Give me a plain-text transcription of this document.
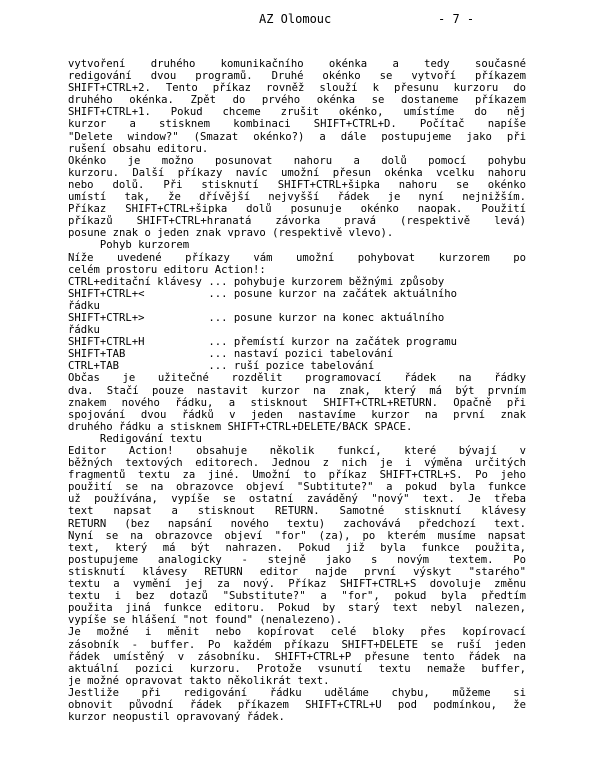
AZ Olomouc	- 7 -
vytvoření druhého komunikačního okénka a tedy současné
redigování dvou programů. Druhé okénko se vytvoří příkazem
SHIFT+CTRL+2. Tento příkaz rovněž slouží k přesunu kurzoru do
druhého okénka. Zpět do prvého okénka se dostaneme příkazem
SHIFT+CTRL+1. Pokud chceme zrušit okénko, umístíme do něj
kurzor a stisknem kombinaci SHIFT+CTRL+D. Počítač napíše
"Delete window?" (Smazat okénko?) a dále postupujeme jako při
rušení obsahu editoru.
Okénko je možno posunovat nahoru a dolů pomocí pohybu
kurzoru. Další příkazy navíc umožní přesun okénka vcelku nahoru
nebo dolů. Při stisknutí SHIFT+CTRL+šipka nahoru se okénko
umístí tak, že dřívější nejvyšší řádek je nyní nejnižším.
Příkaz SHIFT+CTRL+šipka dolů posunuje okénko naopak. Použití
příkazů SHIFT+CTRL+hranatá závorka pravá (respektivě levá)
posune znak o jeden znak vpravo (respektivě vlevo).
Pohyb kurzorem
Níže uvedené příkazy vám umožní pohybovat kurzorem po
celém prostoru editoru Action!:
CTRL+editační klávesy ... pohybuje kurzorem běžnými způsoby
SHIFT+CTRL+<          ... posune kurzor na začátek aktuálního
řádku
SHIFT+CTRL+>          ... posune kurzor na konec aktuálního
řádku
SHIFT+CTRL+H          ... přemístí kurzor na začátek programu
SHIFT+TAB             ... nastaví pozici tabelování
CTRL+TAB              ... ruší pozice tabelování
Občas je užitečné rozdělit programovací řádek na řádky
dva. Stačí pouze nastavit kurzor na znak, který má být prvním
znakem nového řádku, a stisknout SHIFT+CTRL+RETURN. Opačně při
spojování dvou řádků v jeden nastavíme kurzor na první znak
druhého řádku a stisknem SHIFT+CTRL+DELETE/BACK SPACE.
Redigování textu
Editor Action! obsahuje několik funkcí, které bývají v
běžných textových editorech. Jednou z nich je i výměna určitých
fragmentů textu za jiné. Umožní to příkaz SHIFT+CTRL+S. Po jeho
použití se na obrazovce objeví "Subtitute?" a pokud byla funkce
už používána, vypíše se ostatní zaváděný "nový" text. Je třeba
text napsat a stisknout RETURN. Samotné stisknutí klávesy
RETURN (bez napsání nového textu) zachovává předchozí text.
Nyní se na obrazovce objeví "for" (za), po kterém musíme napsat
text, který má být nahrazen. Pokud již byla funkce použita,
postupujeme analogicky - stejně jako s novým textem. Po
stisknutí klávesy RETURN editor najde první výskyt "starého"
textu a vymění jej za nový. Příkaz SHIFT+CTRL+S dovoluje změnu
textu i bez dotazů "Substitute?" a "for", pokud byla předtím
použita jiná funkce editoru. Pokud by starý text nebyl nalezen,
vypíše se hlášení "not found" (nenalezeno).
Je možné i měnit nebo kopírovat celé bloky přes kopírovací
zásobník - buffer. Po každém příkazu SHIFT+DELETE se ruší jeden
řádek umístěný v zásobníku. SHIFT+CTRL+P přesune tento řádek na
aktuální pozici kurzoru. Protože vsunutí textu nemaže buffer,
je možné opravovat takto několikrát text.
Jestliže při redigování řádku uděláme chybu, můžeme si
obnovit původní řádek příkazem SHIFT+CTRL+U pod podmínkou, že
kurzor neopustil opravovaný řádek.
